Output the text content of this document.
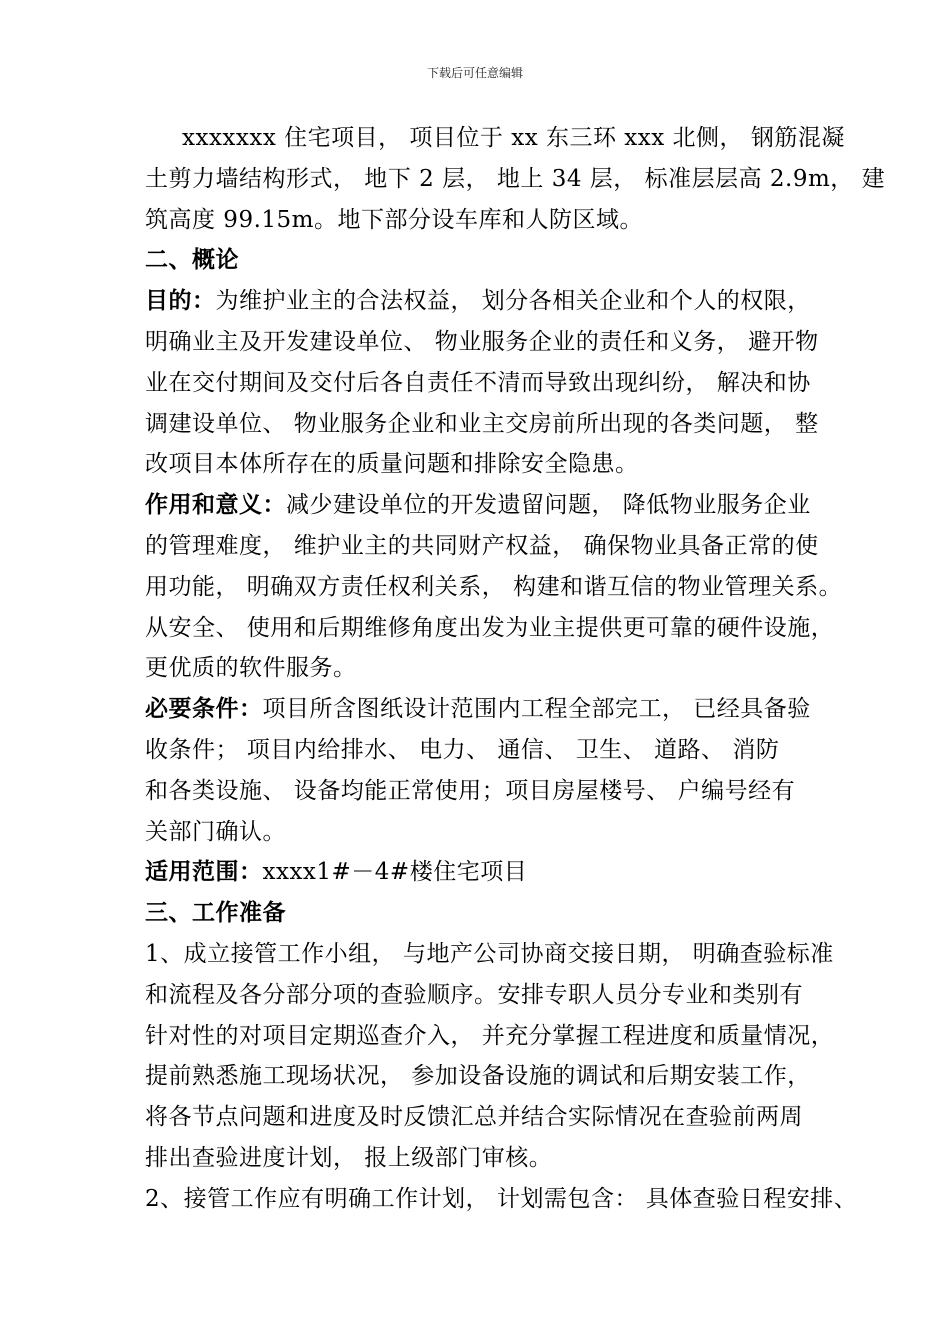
下载后可任意编辑
xxxxxxx 住宅项目， 项目位于 xx 东三环 xxx 北侧， 钢筋混凝
土剪力墙结构形式， 地下 2 层， 地上 34 层， 标准层层高 2.9m， 建
筑高度 99.15m。地下部分设车库和人防区域。
二、概论
目的：为维护业主的合法权益， 划分各相关企业和个人的权限，
明确业主及开发建设单位、 物业服务企业的责任和义务， 避开物
业在交付期间及交付后各自责任不清而导致出现纠纷， 解决和协
调建设单位、 物业服务企业和业主交房前所出现的各类问题， 整
改项目本体所存在的质量问题和排除安全隐患。
作用和意义：减少建设单位的开发遗留问题， 降低物业服务企业
的管理难度， 维护业主的共同财产权益， 确保物业具备正常的使
用功能， 明确双方责任权利关系， 构建和谐互信的物业管理关系。
从安全、 使用和后期维修角度出发为业主提供更可靠的硬件设施，
更优质的软件服务。
必要条件：项目所含图纸设计范围内工程全部完工， 已经具备验
收条件； 项目内给排水、 电力、 通信、 卫生、 道路、 消防
和各类设施、 设备均能正常使用；项目房屋楼号、 户编号经有
关部门确认。
适用范围：xxxx1#－4#楼住宅项目
三、工作准备
1、成立接管工作小组， 与地产公司协商交接日期， 明确查验标准
和流程及各分部分项的查验顺序。安排专职人员分专业和类别有
针对性的对项目定期巡查介入， 并充分掌握工程进度和质量情况，
提前熟悉施工现场状况， 参加设备设施的调试和后期安装工作，
将各节点问题和进度及时反馈汇总并结合实际情况在查验前两周
排出查验进度计划， 报上级部门审核。
2、接管工作应有明确工作计划， 计划需包含： 具体查验日程安排、
